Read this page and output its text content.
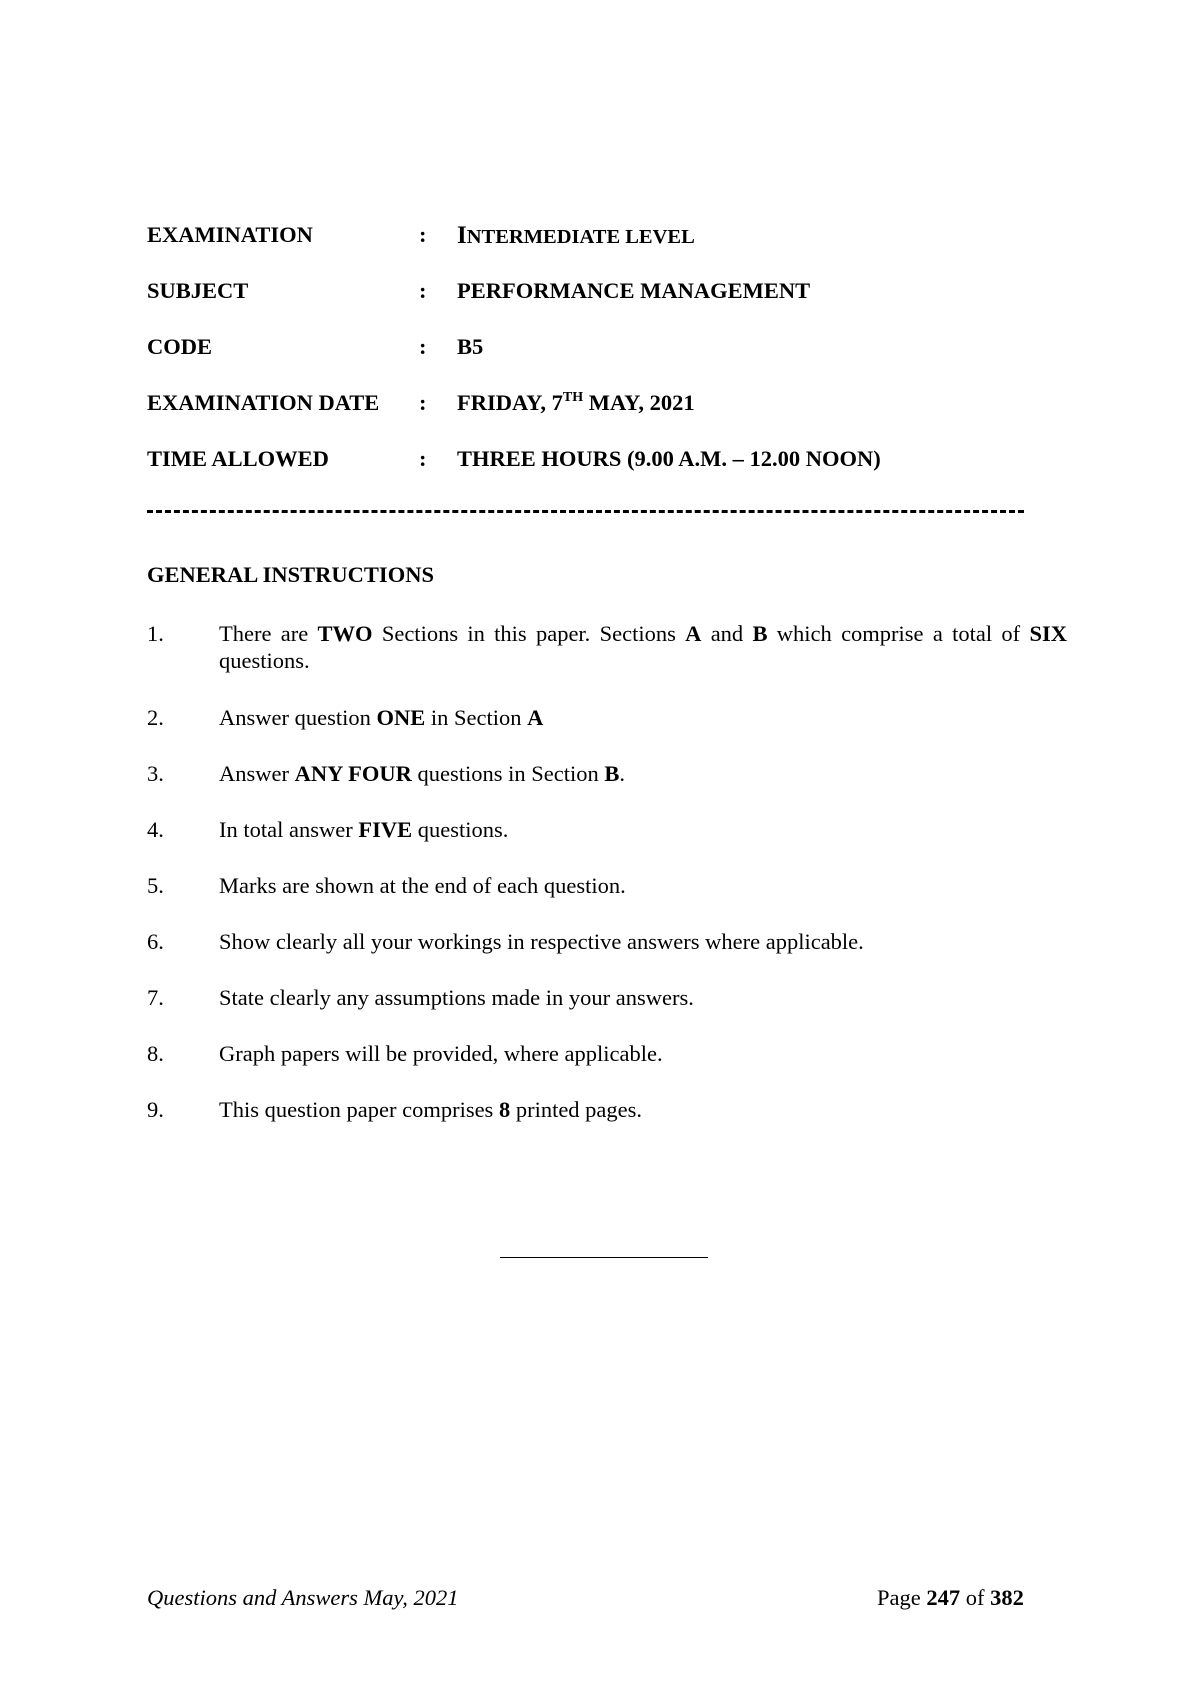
EXAMINATION	: INTERMEDIATE LEVEL
SUBJECT	: PERFORMANCE MANAGEMENT
CODE	: B5
EXAMINATION DATE : FRIDAY, 7TH MAY, 2021
TIME ALLOWED	: THREE HOURS (9.00 A.M. – 12.00 NOON)
GENERAL INSTRUCTIONS
1. There are TWO Sections in this paper. Sections A and B which comprise a total of SIX questions.
2. Answer question ONE in Section A
3. Answer ANY FOUR questions in Section B.
4. In total answer FIVE questions.
5. Marks are shown at the end of each question.
6. Show clearly all your workings in respective answers where applicable.
7. State clearly any assumptions made in your answers.
8. Graph papers will be provided, where applicable.
9. This question paper comprises 8 printed pages.
Questions and Answers May, 2021	Page 247 of 382
